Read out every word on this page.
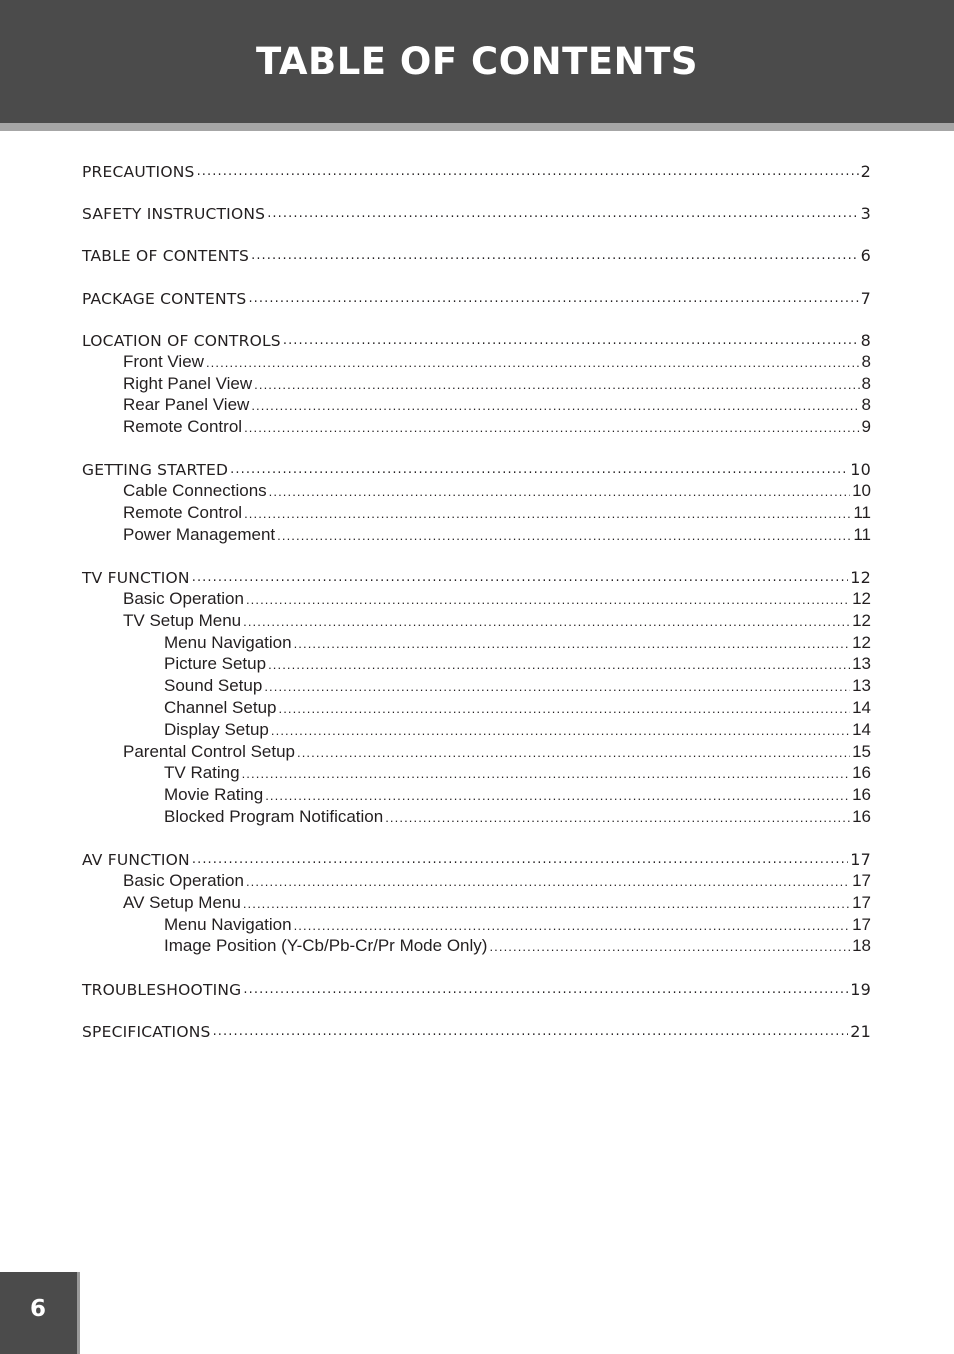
TABLE OF CONTENTS
PRECAUTIONS .....	2
SAFETY INSTRUCTIONS .....	3
TABLE OF CONTENTS .....	6
PACKAGE CONTENTS .....	7
LOCATION OF CONTROLS .....	8
Front View .....	8
Right Panel View .....	8
Rear Panel View .....	8
Remote Control .....	9
GETTING STARTED .....	10
Cable Connections .....	10
Remote Control .....	11
Power Management .....	11
TV FUNCTION .....	12
Basic Operation .....	12
TV Setup Menu .....	12
Menu Navigation .....	12
Picture Setup .....	13
Sound Setup .....	13
Channel Setup .....	14
Display Setup .....	14
Parental Control Setup .....	15
TV Rating .....	16
Movie Rating .....	16
Blocked Program Notification .....	16
AV FUNCTION .....	17
Basic Operation .....	17
AV Setup Menu .....	17
Menu Navigation .....	17
Image Position (Y-Cb/Pb-Cr/Pr Mode Only) .....	18
TROUBLESHOOTING .....	19
SPECIFICATIONS .....	21
6
